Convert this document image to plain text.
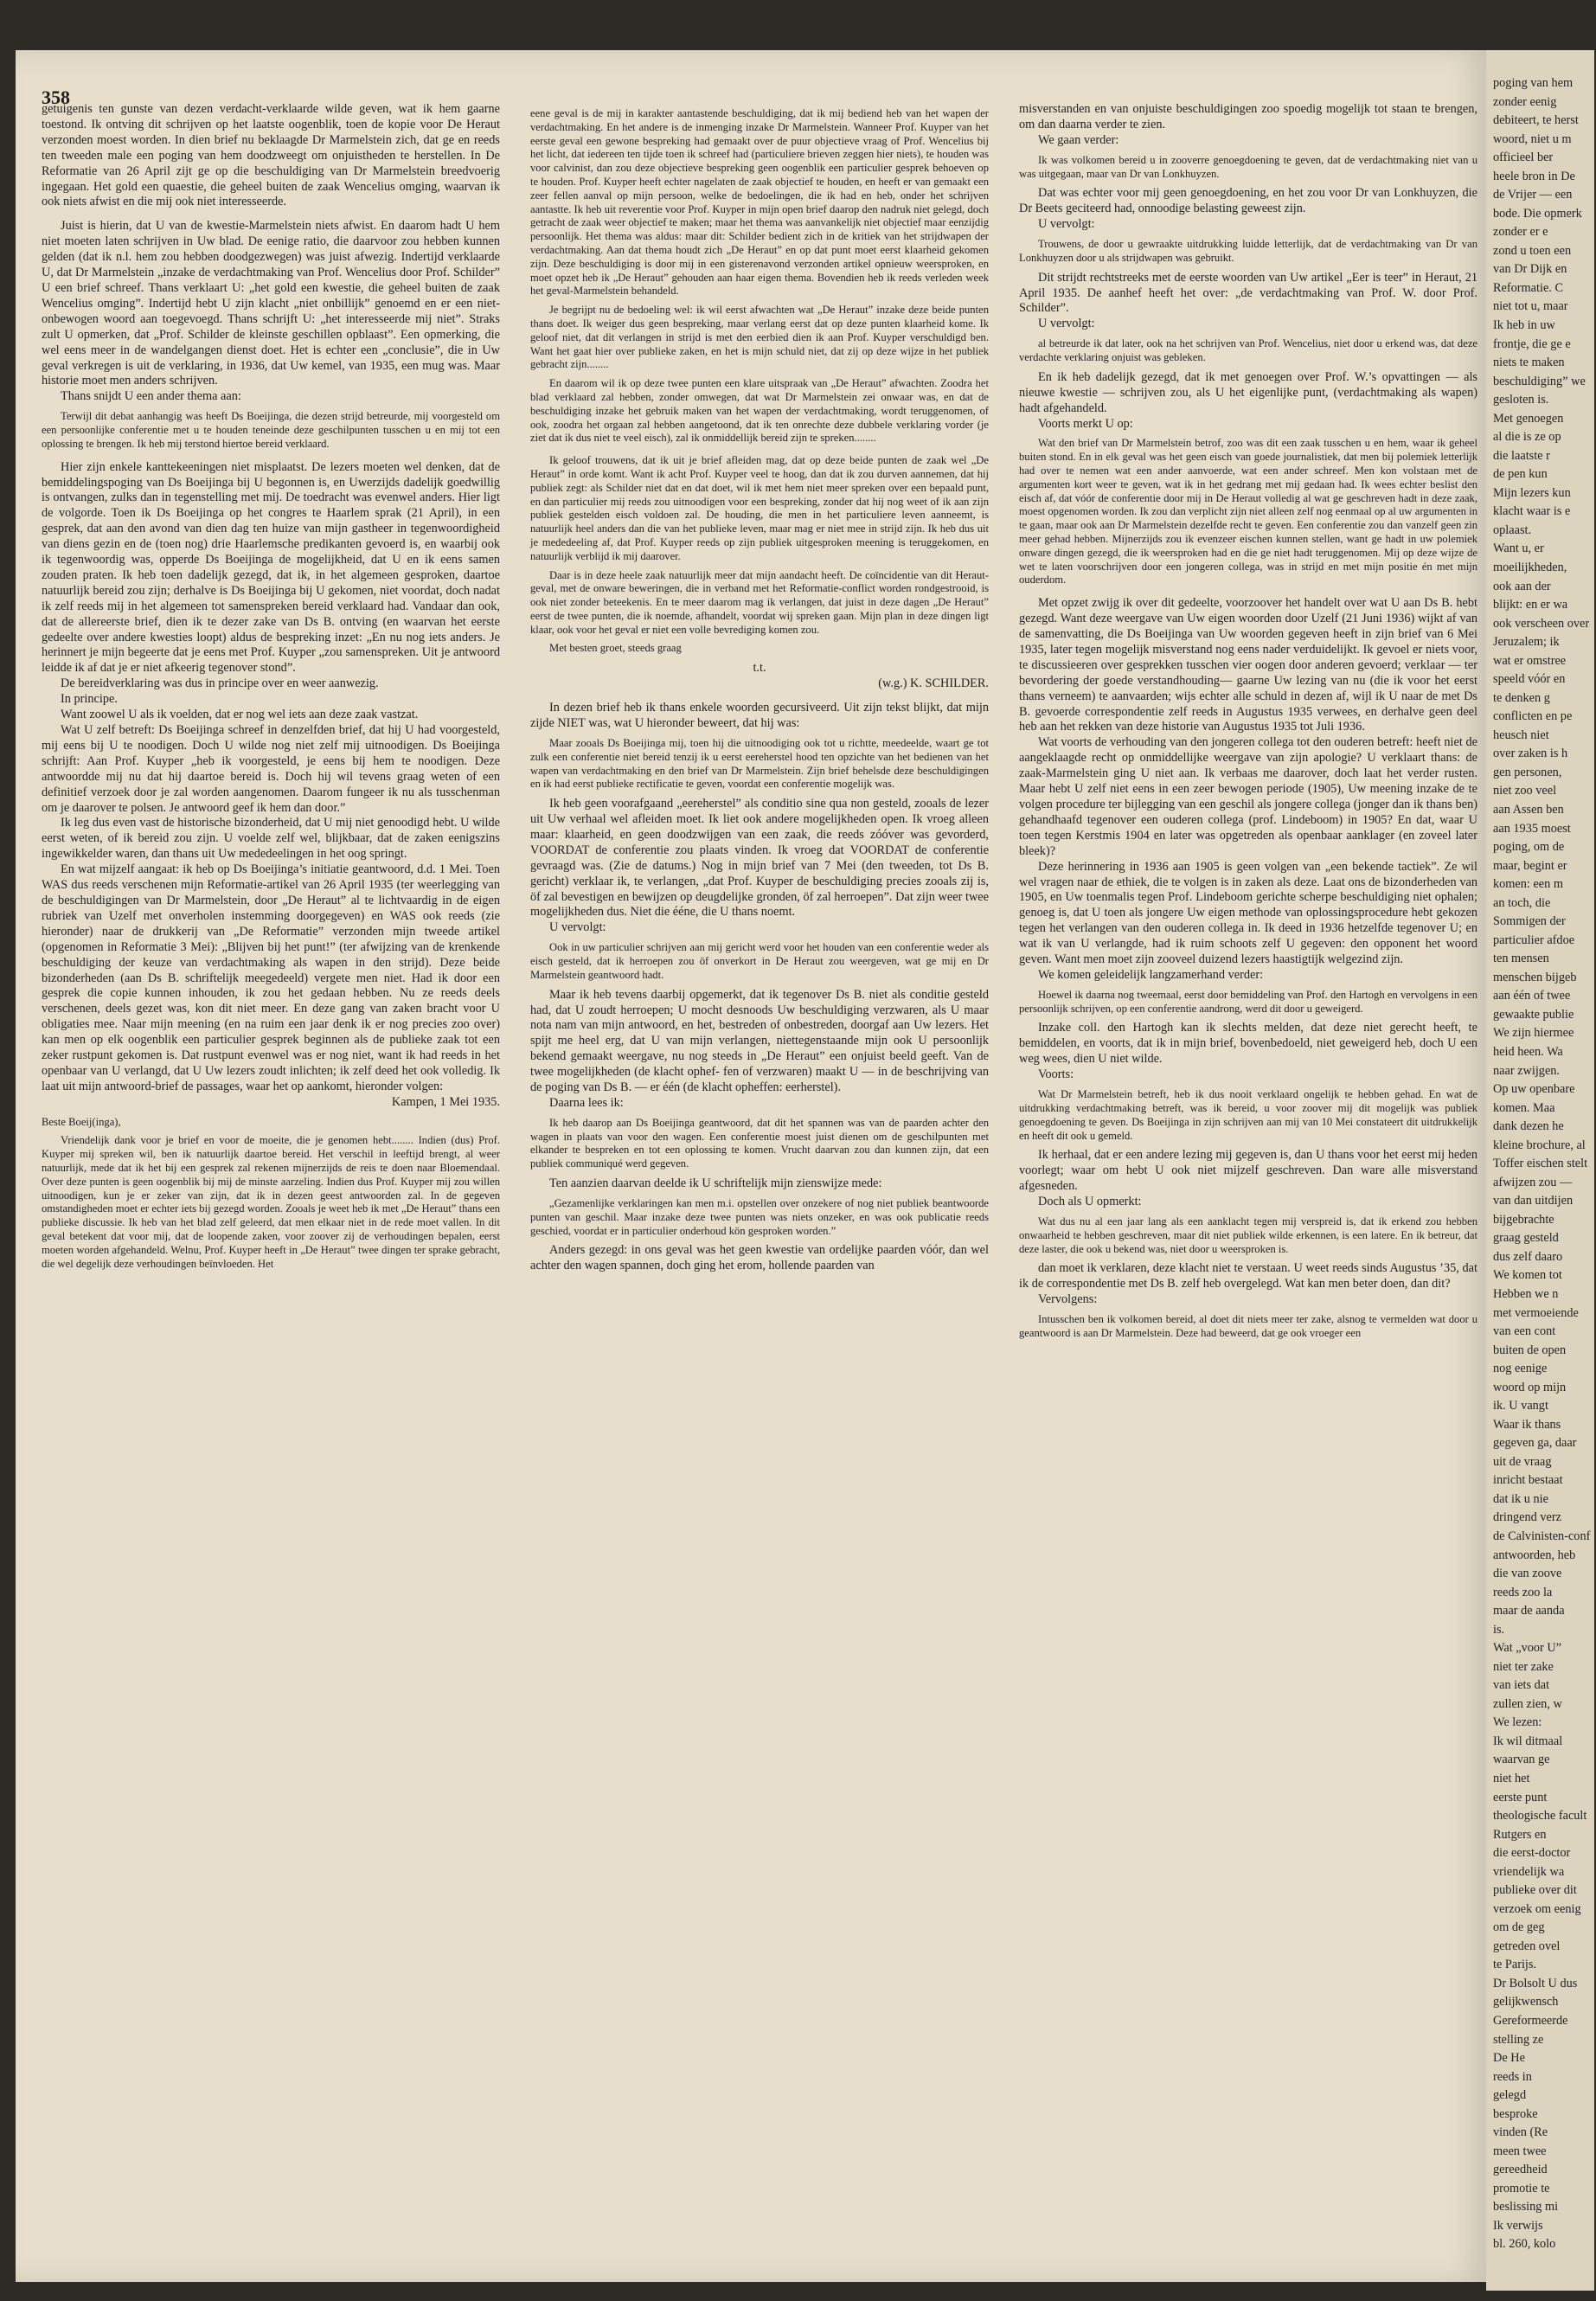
358

getuigenis ten gunste van dezen verdacht-verklaarde wilde geven, wat ik hem gaarne toestond. Ik ontving dit schrijven op het laatste oogenblik, toen de kopie voor De Heraut verzonden moest worden. In dien brief nu beklaagde Dr Marmelstein zich, dat ge en reeds ten tweeden male een poging van hem doodzweegt om onjuistheden te herstellen. In De Reformatie van 26 April zijt ge op die beschuldiging van Dr Marmelstein breedvoerig ingegaan. Het gold een quaestie, die geheel buiten de zaak Wencelius omging, waarvan ik ook niets afwist en die mij ook niet interesseerde.

Juist is hierin, dat U van de kwestie-Marmelstein niets afwist. En daarom hadt U hem niet moeten laten schrijven in Uw blad. De eenige ratio, die daarvoor zou hebben kunnen gelden (dat ik n.l. hem zou hebben doodgezwegen) was juist afwezig. Indertijd verklaarde U, dat Dr Marmelstein „inzake de verdachtmaking van Prof. Wencelius door Prof. Schilder” U een brief schreef. Thans verklaart U: „het gold een kwestie, die geheel buiten de zaak Wencelius omging”. Indertijd hebt U zijn klacht „niet onbillijk” genoemd en er een niet-onbewogen woord aan toegevoegd. Thans schrijft U: „het interesseerde mij niet”. Straks zult U opmerken, dat „Prof. Schilder de kleinste geschillen opblaast”. Een opmerking, die wel eens meer in de wandelgangen dienst doet. Het is echter een „conclusie”, die in Uw geval verkregen is uit de verklaring, in 1936, dat Uw kemel, van 1935, een mug was. Maar historie moet men anders schrijven.

Thans snijdt U een ander thema aan:

Terwijl dit debat aanhangig was heeft Ds Boeijinga, die dezen strijd betreurde, mij voorgesteld om een persoonlijke conferentie met u te houden teneinde deze geschilpunten tusschen u en mij tot een oplossing te brengen. Ik heb mij terstond hiertoe bereid verklaard.

Hier zijn enkele kanttekeeningen niet misplaatst. De lezers moeten wel denken, dat de bemiddelingspoging van Ds Boeijinga bij U begonnen is, en Uwerzijds dadelijk goedwillig is ontvangen, zulks dan in tegenstelling met mij. De toedracht was evenwel anders. Hier ligt de volgorde. Toen ik Ds Boeijinga op het congres te Haarlem sprak (21 April), in een gesprek, dat aan den avond van dien dag ten huize van mijn gastheer in tegenwoordigheid van diens gezin en de (toen nog) drie Haarlemsche predikanten gevoerd is, en waarbij ook ik tegenwoordig was, opperde Ds Boeijinga de mogelijkheid, dat U en ik eens samen zouden praten. Ik heb toen dadelijk gezegd, dat ik, in het algemeen gesproken, daartoe natuurlijk bereid zou zijn; derhalve is Ds Boeijinga bij U gekomen, niet voordat, doch nadat ik zelf reeds mij in het algemeen tot samenspreken bereid verklaard had. Vandaar dan ook, dat de allereerste brief, dien ik te dezer zake van Ds B. ontving (en waarvan het eerste gedeelte over andere kwesties loopt) aldus de bespreking inzet: „En nu nog iets anders. Je herinnert je mijn begeerte dat je eens met Prof. Kuyper „zou samenspreken. Uit je antwoord leidde ik af dat je er niet afkeerig tegenover stond”.

De bereidverklaring was dus in principe over en weer aanwezig.

In principe.

Want zoowel U als ik voelden, dat er nog wel iets aan deze zaak vastzat.

Wat U zelf betreft: Ds Boeijinga schreef in denzelfden brief, dat hij U had voorgesteld, mij eens bij U te noodigen. Doch U wilde nog niet zelf mij uitnoodigen. Ds Boeijinga schrijft: Aan Prof. Kuyper „heb ik voorgesteld, je eens bij hem te noodigen. Deze antwoordde mij nu dat hij daartoe bereid is. Doch hij wil tevens graag weten of een definitief verzoek door je zal worden aangenomen. Daarom fungeer ik nu als tusschenman om je daarover te polsen. Je antwoord geef ik hem dan door.”

Ik leg dus even vast de historische bizonderheid, dat U mij niet genoodigd hebt. U wilde eerst weten, of ik bereid zou zijn. U voelde zelf wel, blijkbaar, dat de zaken eenigszins ingewikkelder waren, dan thans uit Uw mededeelingen in het oog springt.

En wat mijzelf aangaat: ik heb op Ds Boeijinga’s initiatie geantwoord, d.d. 1 Mei. Toen WAS dus reeds verschenen mijn Reformatie-artikel van 26 April 1935 (ter weerlegging van de beschuldigingen van Dr Marmelstein, door „De Heraut” al te lichtvaardig in de eigen rubriek van Uzelf met onverholen instemming doorgegeven) en WAS ook reeds (zie hieronder) naar de drukkerij van „De Reformatie” verzonden mijn tweede artikel (opgenomen in Reformatie 3 Mei): „Blijven bij het punt!” (ter afwijzing van de krenkende beschuldiging der keuze van verdachtmaking als wapen in den strijd). Deze beide bizonderheden (aan Ds B. schriftelijk meegedeeld) vergete men niet. Had ik door een gesprek die copie kunnen inhouden, ik zou het gedaan hebben. Nu ze reeds deels verschenen, deels gezet was, kon dit niet meer. En deze gang van zaken bracht voor U obligaties mee. Naar mijn meening (en na ruim een jaar denk ik er nog precies zoo over) kan men op elk oogenblik een particulier gesprek beginnen als de publieke zaak tot een zeker rustpunt gekomen is. Dat rustpunt evenwel was er nog niet, want ik had reeds in het openbaar van U verlangd, dat U Uw lezers zoudt inlichten; ik zelf deed het ook volledig. Ik laat uit mijn antwoord-brief de passages, waar het op aankomt, hieronder volgen:

Kampen, 1 Mei 1935.

Beste Boeij(inga),

Vriendelijk dank voor je brief en voor de moeite, die je genomen hebt........ Indien (dus) Prof. Kuyper mij spreken wil, ben ik natuurlijk daartoe bereid. Het verschil in leeftijd brengt, al weer natuurlijk, mede dat ik het bij een gesprek zal rekenen mijnerzijds de reis te doen naar Bloemendaal. Over deze punten is geen oogenblik bij mij de minste aarzeling. Indien dus Prof. Kuyper mij zou willen uitnoodigen, kun je er zeker van zijn, dat ik in dezen geest antwoorden zal. In de gegeven omstandigheden moet er echter iets bij gezegd worden. Zooals je weet heb ik met „De Heraut” thans een publieke discussie. Ik heb van het blad zelf geleerd, dat men elkaar niet in de rede moet vallen. In dit geval betekent dat voor mij, dat de loopende zaken, voor zoover zij de verhoudingen bepalen, eerst moeten worden afgehandeld. Welnu, Prof. Kuyper heeft in „De Heraut” twee dingen ter sprake gebracht, die wel degelijk deze verhoudingen beïnvloeden. Het

eene geval is de mij in karakter aantastende beschuldiging, dat ik mij bediend heb van het wapen der verdachtmaking. En het andere is de inmenging inzake Dr Marmelstein. Wanneer Prof. Kuyper van het eerste geval een gewone bespreking had gemaakt over de puur objectieve vraag of Prof. Wencelius bij het licht, dat iedereen ten tijde toen ik schreef had (particuliere brieven zeggen hier niets), te houden was voor calvinist, dan zou deze objectieve bespreking geen oogenblik een particulier gesprek behoeven op te houden. Prof. Kuyper heeft echter nagelaten de zaak objectief te houden, en heeft er van gemaakt een zeer fellen aanval op mijn persoon, welke de bedoelingen, die ik had en heb, onder het schrijven aantastte. Ik heb uit reverentie voor Prof. Kuyper in mijn open brief daarop den nadruk niet gelegd, doch getracht de zaak weer objectief te maken; maar het thema was aanvankelijk niet objectief maar eenzijdig persoonlijk. Het thema was aldus: maar dit: Schilder bedient zich in de kritiek van het strijdwapen der verdachtmaking. Aan dat thema houdt zich „De Heraut” en op dat punt moet eerst klaarheid gekomen zijn. Deze beschuldiging is door mij in een gisterenavond verzonden artikel opnieuw weersproken, en moet opzet heb ik „De Heraut” gehouden aan haar eigen thema. Bovendien heb ik reeds verleden week het geval-Marmelstein behandeld.

Je begrijpt nu de bedoeling wel: ik wil eerst afwachten wat „De Heraut” inzake deze beide punten thans doet. Ik weiger dus geen bespreking, maar verlang eerst dat op deze punten klaarheid kome. Ik geloof niet, dat dit verlangen in strijd is met den eerbied dien ik aan Prof. Kuyper verschuldigd ben. Want het gaat hier over publieke zaken, en het is mijn schuld niet, dat zij op deze wijze in het publiek gebracht zijn........

En daarom wil ik op deze twee punten een klare uitspraak van „De Heraut” afwachten. Zoodra het blad verklaard zal hebben, zonder omwegen, dat wat Dr Marmelstein zei onwaar was, en dat de beschuldiging inzake het gebruik maken van het wapen der verdachtmaking, wordt teruggenomen, of ook, zoodra het orgaan zal hebben aangetoond, dat ik ten onrechte deze dubbele verklaring vorder (je ziet dat ik dus niet te veel eisch), zal ik onmiddellijk bereid zijn te spreken........

Ik geloof trouwens, dat ik uit je brief afleiden mag, dat op deze beide punten de zaak wel „De Heraut” in orde komt. Want ik acht Prof. Kuyper veel te hoog, dan dat ik zou durven aannemen, dat hij publiek zegt: als Schilder niet dat en dat doet, wil ik met hem niet meer spreken over een bepaald punt, en dan particulier mij reeds zou uitnoodigen voor een bespreking, zonder dat hij nog weet of ik aan zijn publiek gestelden eisch voldoen zal. De houding, die men in het particuliere leven aanneemt, is natuurlijk heel anders dan die van het publieke leven, maar mag er niet mee in strijd zijn. Ik heb dus uit je mededeeling af, dat Prof. Kuyper reeds op zijn publiek uitgesproken meening is teruggekomen, en natuurlijk verblijd ik mij daarover.

Daar is in deze heele zaak natuurlijk meer dat mijn aandacht heeft. De coïncidentie van dit Heraut-geval, met de onware beweringen, die in verband met het Reformatie-conflict worden rondgestrooid, is ook niet zonder beteekenis. En te meer daarom mag ik verlangen, dat juist in deze dagen „De Heraut” eerst de twee punten, die ik noemde, afhandelt, voordat wij spreken gaan. Mijn plan in deze dingen ligt klaar, ook voor het geval er niet een volle bevrediging komen zou.

Met besten groet, steeds graag

t.t.

(w.g.) K. SCHILDER.

In dezen brief heb ik thans enkele woorden gecursiveerd. Uit zijn tekst blijkt, dat mijn zijde NIET was, wat U hieronder beweert, dat hij was:

Maar zooals Ds Boeijinga mij, toen hij die uitnoodiging ook tot u richtte, meedeelde, waart ge tot zulk een conferentie niet bereid tenzij ik u eerst eereherstel hood ten opzichte van het bedienen van het wapen van verdachtmaking en den brief van Dr Marmelstein. Zijn brief behelsde deze beschuldigingen en ik had eerst publieke rectificatie te geven, voordat een conferentie mogelijk was.

Ik heb geen voorafgaand „eereherstel” als conditio sine qua non gesteld, zooals de lezer uit Uw verhaal wel afleiden moet. Ik liet ook andere mogelijkheden open. Ik vroeg alleen maar: klaarheid, en geen doodzwijgen van een zaak, die reeds zóóver was gevorderd, VOORDAT de conferentie zou plaats vinden. Ik vroeg dat VOORDAT de conferentie gevraagd was. (Zie de datums.) Nog in mijn brief van 7 Mei (den tweeden, tot Ds B. gericht) verklaar ik, te verlangen, „dat Prof. Kuyper de beschuldiging precies zooals zij is, öf zal bevestigen en bewijzen op deugdelijke gronden, öf zal herroepen”. Dat zijn weer twee mogelijkheden dus. Niet die ééne, die U thans noemt.

U vervolgt:

Ook in uw particulier schrijven aan mij gericht werd voor het houden van een conferentie weder als eisch gesteld, dat ik herroepen zou öf onverkort in De Heraut zou weergeven, wat ge mij en Dr Marmelstein geantwoord hadt.

Maar ik heb tevens daarbij opgemerkt, dat ik tegenover Ds B. niet als conditie gesteld had, dat U zoudt herroepen; U mocht desnoods Uw beschuldiging verzwaren, als U maar nota nam van mijn antwoord, en het, bestreden of onbestreden, doorgaf aan Uw lezers. Het spijt me heel erg, dat U van mijn verlangen, niettegenstaande mijn ook U persoonlijk bekend gemaakt weergave, nu nog steeds in „De Heraut” een onjuist beeld geeft. Van de twee mogelijkheden (de klacht ophef- fen of verzwaren) maakt U — in de beschrijving van de poging van Ds B. — er één (de klacht opheffen: eerherstel).

Daarna lees ik:

Ik heb daarop aan Ds Boeijinga geantwoord, dat dit het spannen was van de paarden achter den wagen in plaats van voor den wagen. Een conferentie moest juist dienen om de geschilpunten met elkander te bespreken en tot een oplossing te komen. Vrucht daarvan zou dan kunnen zijn, dat een publiek communiqué werd gegeven.

Ten aanzien daarvan deelde ik U schriftelijk mijn zienswijze mede:

„Gezamenlijke verklaringen kan men m.i. opstellen over onzekere of nog niet publiek beantwoorde punten van geschil. Maar inzake deze twee punten was niets onzeker, en was ook publicatie reeds geschied, voordat er in particulier onderhoud kön gesproken worden.”

Anders gezegd: in ons geval was het geen kwestie van ordelijke paarden vóór, dan wel achter den wagen spannen, doch ging het erom, hollende paarden van

misverstanden en van onjuiste beschuldigingen zoo spoedig mogelijk tot staan te brengen, om dan daarna verder te zien.

We gaan verder:

Ik was volkomen bereid u in zooverre genoegdoening te geven, dat de verdachtmaking niet van u was uitgegaan, maar van Dr van Lonkhuyzen.

Dat was echter voor mij geen genoegdoening, en het zou voor Dr van Lonkhuyzen, die Dr Beets geciteerd had, onnoodige belasting geweest zijn.

U vervolgt:

Trouwens, de door u gewraakte uitdrukking luidde letterlijk, dat de verdachtmaking van Dr van Lonkhuyzen door u als strijdwapen was gebruikt.

Dit strijdt rechtstreeks met de eerste woorden van Uw artikel „Eer is teer” in Heraut, 21 April 1935. De aanhef heeft het over: „de verdachtmaking van Prof. W. door Prof. Schilder”.

U vervolgt:

al betreurde ik dat later, ook na het schrijven van Prof. Wencelius, niet door u erkend was, dat deze verdachte verklaring onjuist was gebleken.

En ik heb dadelijk gezegd, dat ik met genoegen over Prof. W.’s opvattingen — als nieuwe kwestie — schrijven zou, als U het eigenlijke punt, (verdachtmaking als wapen) hadt afgehandeld.

Voorts merkt U op:

Wat den brief van Dr Marmelstein betrof, zoo was dit een zaak tusschen u en hem, waar ik geheel buiten stond. En in elk geval was het geen eisch van goede journalistiek, dat men bij polemiek letterlijk had over te nemen wat een ander aanvoerde, wat een ander schreef. Men kon volstaan met de argumenten kort weer te geven, wat ik in het gedrang met mij gedaan had. Ik wees echter beslist den eisch af, dat vóór de conferentie door mij in De Heraut volledig al wat ge geschreven hadt in deze zaak, moest opgenomen worden. Ik zou dan verplicht zijn niet alleen zelf nog eenmaal op al uw argumenten in te gaan, maar ook aan Dr Marmelstein dezelfde recht te geven. Een conferentie zou dan vanzelf geen zin meer gehad hebben. Mijnerzijds zou ik evenzeer eischen kunnen stellen, want ge hadt in uw polemiek onware dingen gezegd, die ik weersproken had en die ge niet hadt teruggenomen. Mij op deze wijze de wet te laten voorschrijven door een jongeren collega, was in strijd en met mijn positie én met mijn ouderdom.

Met opzet zwijg ik over dit gedeelte, voorzoover het handelt over wat U aan Ds B. hebt gezegd. Want deze weergave van Uw eigen woorden door Uzelf (21 Juni 1936) wijkt af van de samenvatting, die Ds Boeijinga van Uw woorden gegeven heeft in zijn brief van 6 Mei 1935, later tegen mogelijk misverstand nog eens nader verduidelijkt. Ik gevoel er niets voor, te discussieeren over gesprekken tusschen vier oogen door anderen gevoerd; verklaar — ter bevordering der goede verstandhouding— gaarne Uw lezing van nu (die ik voor het eerst thans verneem) te aanvaarden; wijs echter alle schuld in dezen af, wijl ik U naar de met Ds B. gevoerde correspondentie zelf reeds in Augustus 1935 verwees, en derhalve geen deel heb aan het rekken van deze historie van Augustus 1935 tot Juli 1936.

Wat voorts de verhouding van den jongeren collega tot den ouderen betreft: heeft niet de aangeklaagde recht op onmiddellijke weergave van zijn apologie? U verklaart thans: de zaak-Marmelstein ging U niet aan. Ik verbaas me daarover, doch laat het verder rusten. Maar hebt U zelf niet eens in een zeer bewogen periode (1905), Uw meening inzake de te volgen procedure ter bijlegging van een geschil als jongere collega (jonger dan ik thans ben) gehandhaafd tegenover een ouderen collega (prof. Lindeboom) in 1905? En dat, waar U toen tegen Kerstmis 1904 en later was opgetreden als openbaar aanklager (en zoveel later bleek)?

Deze herinnering in 1936 aan 1905 is geen volgen van „een bekende tactiek”. Ze wil wel vragen naar de ethiek, die te volgen is in zaken als deze. Laat ons de bizonderheden van 1905, en Uw toenmalis tegen Prof. Lindeboom gerichte scherpe beschuldiging niet ophalen; genoeg is, dat U toen als jongere Uw eigen methode van oplossingsprocedure hebt gekozen tegen het verlangen van den ouderen collega in. Ik deed in 1936 hetzelfde tegenover U; en wat ik van U verlangde, had ik ruim schoots zelf U gegeven: den opponent het woord geven. Want men moet zijn zooveel duizend lezers haastigtijk welgezind zijn.

We komen geleidelijk langzamerhand verder:

Hoewel ik daarna nog tweemaal, eerst door bemiddeling van Prof. den Hartogh en vervolgens in een persoonlijk schrijven, op een conferentie aandrong, werd dit door u geweigerd.

Inzake coll. den Hartogh kan ik slechts melden, dat deze niet gerecht heeft, te bemiddelen, en voorts, dat ik in mijn brief, bovenbedoeld, niet geweigerd heb, doch U een weg wees, dien U niet wilde.

Voorts:

Wat Dr Marmelstein betreft, heb ik dus nooit verklaard ongelijk te hebben gehad. En wat de uitdrukking verdachtmaking betreft, was ik bereid, u voor zoover mij dit mogelijk was publiek genoegdoening te geven. Ds Boeijinga in zijn schrijven aan mij van 10 Mei constateert dit uitdrukkelijk en heeft dit ook u gemeld.

Ik herhaal, dat er een andere lezing mij gegeven is, dan U thans voor het eerst mij heden voorlegt; waar om hebt U ook niet mijzelf geschreven. Dan ware alle misverstand afgesneden.

Doch als U opmerkt:

Wat dus nu al een jaar lang als een aanklacht tegen mij verspreid is, dat ik erkend zou hebben onwaarheid te hebben geschreven, maar dit niet publiek wilde erkennen, is een latere. En ik betreur, dat deze laster, die ook u bekend was, niet door u weersproken is.

dan moet ik verklaren, deze klacht niet te verstaan. U weet reeds sinds Augustus ’35, dat ik de correspondentie met Ds B. zelf heb overgelegd. Wat kan men beter doen, dan dit?

Vervolgens:

Intusschen ben ik volkomen bereid, al doet dit niets meer ter zake, alsnog te vermelden wat door u geantwoord is aan Dr Marmelstein. Deze had beweerd, dat ge ook vroeger een

poging van hem
zonder eenig
debiteert, te herst
woord, niet u m
officieel ber
heele bron in De
de Vrijer — een
bode. Die opmerk
zonder er e
zond u toen een
van Dr Dijk en
Reformatie. C
niet tot u, maar
Ik heb in uw
frontje, die ge e
niets te maken
beschuldiging” we
gesloten is.
Met genoegen
al die is ze op
die laatste r
de pen kun
Mijn lezers kun
klacht waar is e
oplaast.
Want u, er
moeilijkheden,
ook aan der
blijkt: en er wa
ook verscheen over
Jeruzalem; ik
wat er omstree
speeld vóór en
te denken g
conflicten en pe
heusch niet
over zaken is h
gen personen,
niet zoo veel
aan Assen ben
aan 1935 moest
poging, om de
maar, begint er
komen: een m
an toch, die
Sommigen der
particulier afdoe
ten mensen
menschen bijgeb
aan één of twee
gewaakte publie
We zijn hiermee
heid heen. Wa
naar zwijgen.
Op uw openbare
komen. Maa
dank dezen he
kleine brochure, al
Toffer eischen stelt
afwijzen zou —
van dan uitdijen
bijgebrachte
graag gesteld
dus zelf daaro
We komen tot
Hebben we n
met vermoeiende
van een cont
buiten de open
nog eenige
woord op mijn
ik. U vangt
Waar ik thans
gegeven ga, daar
uit de vraag
inricht bestaat
dat ik u nie
dringend verz
de Calvinisten-conf
antwoorden, heb
die van zoove
reeds zoo la
maar de aanda
is.
Wat „voor U”
niet ter zake
van iets dat
zullen zien, w
We lezen:
Ik wil ditmaal
waarvan ge
niet het
eerste punt
theologische facult
Rutgers en
die eerst-doctor
vriendelijk wa
publieke over dit
verzoek om eenig
om de geg
getreden ovel
te Parijs.
Dr Bolsolt U dus
gelijkwensch
Gereformeerde
stelling ze
De He
reeds in
gelegd
besproke
vinden (Re
meen twee
gereedheid
promotie te
beslissing mi
Ik verwijs
bl. 260, kolo
